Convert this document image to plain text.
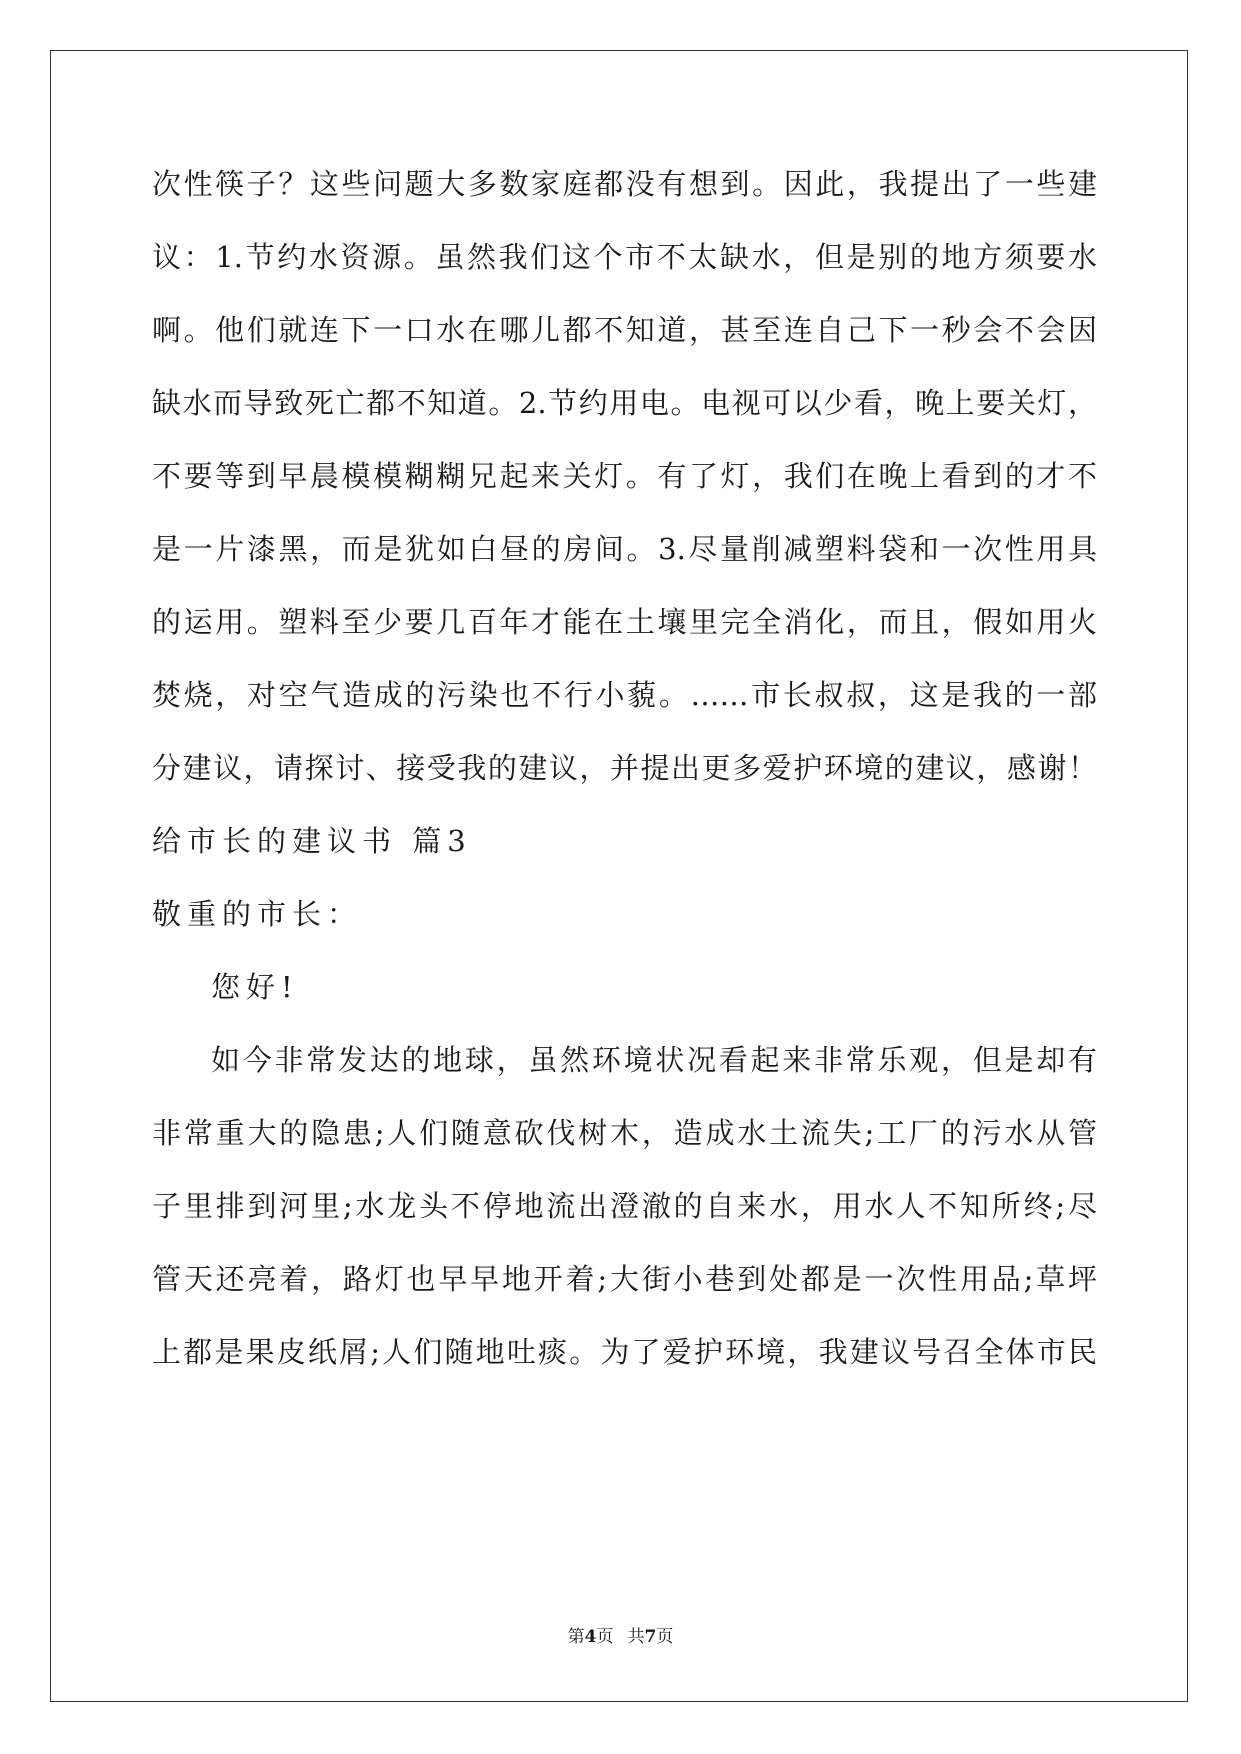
次性筷子？这些问题大多数家庭都没有想到。因此，我提出了一些建
议：1.节约水资源。虽然我们这个市不太缺水，但是别的地方须要水
啊。他们就连下一口水在哪儿都不知道，甚至连自己下一秒会不会因
缺水而导致死亡都不知道。2.节约用电。电视可以少看，晚上要关灯，
不要等到早晨模模糊糊兄起来关灯。有了灯，我们在晚上看到的才不
是一片漆黑，而是犹如白昼的房间。3.尽量削减塑料袋和一次性用具
的运用。塑料至少要几百年才能在土壤里完全消化，而且，假如用火
焚烧，对空气造成的污染也不行小藐。……市长叔叔，这是我的一部
分建议，请探讨、接受我的建议，并提出更多爱护环境的建议，感谢！
给市长的建议书 篇3
敬重的市长：
您好!
如今非常发达的地球，虽然环境状况看起来非常乐观，但是却有
非常重大的隐患;人们随意砍伐树木，造成水土流失;工厂的污水从管
子里排到河里;水龙头不停地流出澄澈的自来水，用水人不知所终;尽
管天还亮着，路灯也早早地开着;大街小巷到处都是一次性用品;草坪
上都是果皮纸屑;人们随地吐痰。为了爱护环境，我建议号召全体市民
第4页 共7页
